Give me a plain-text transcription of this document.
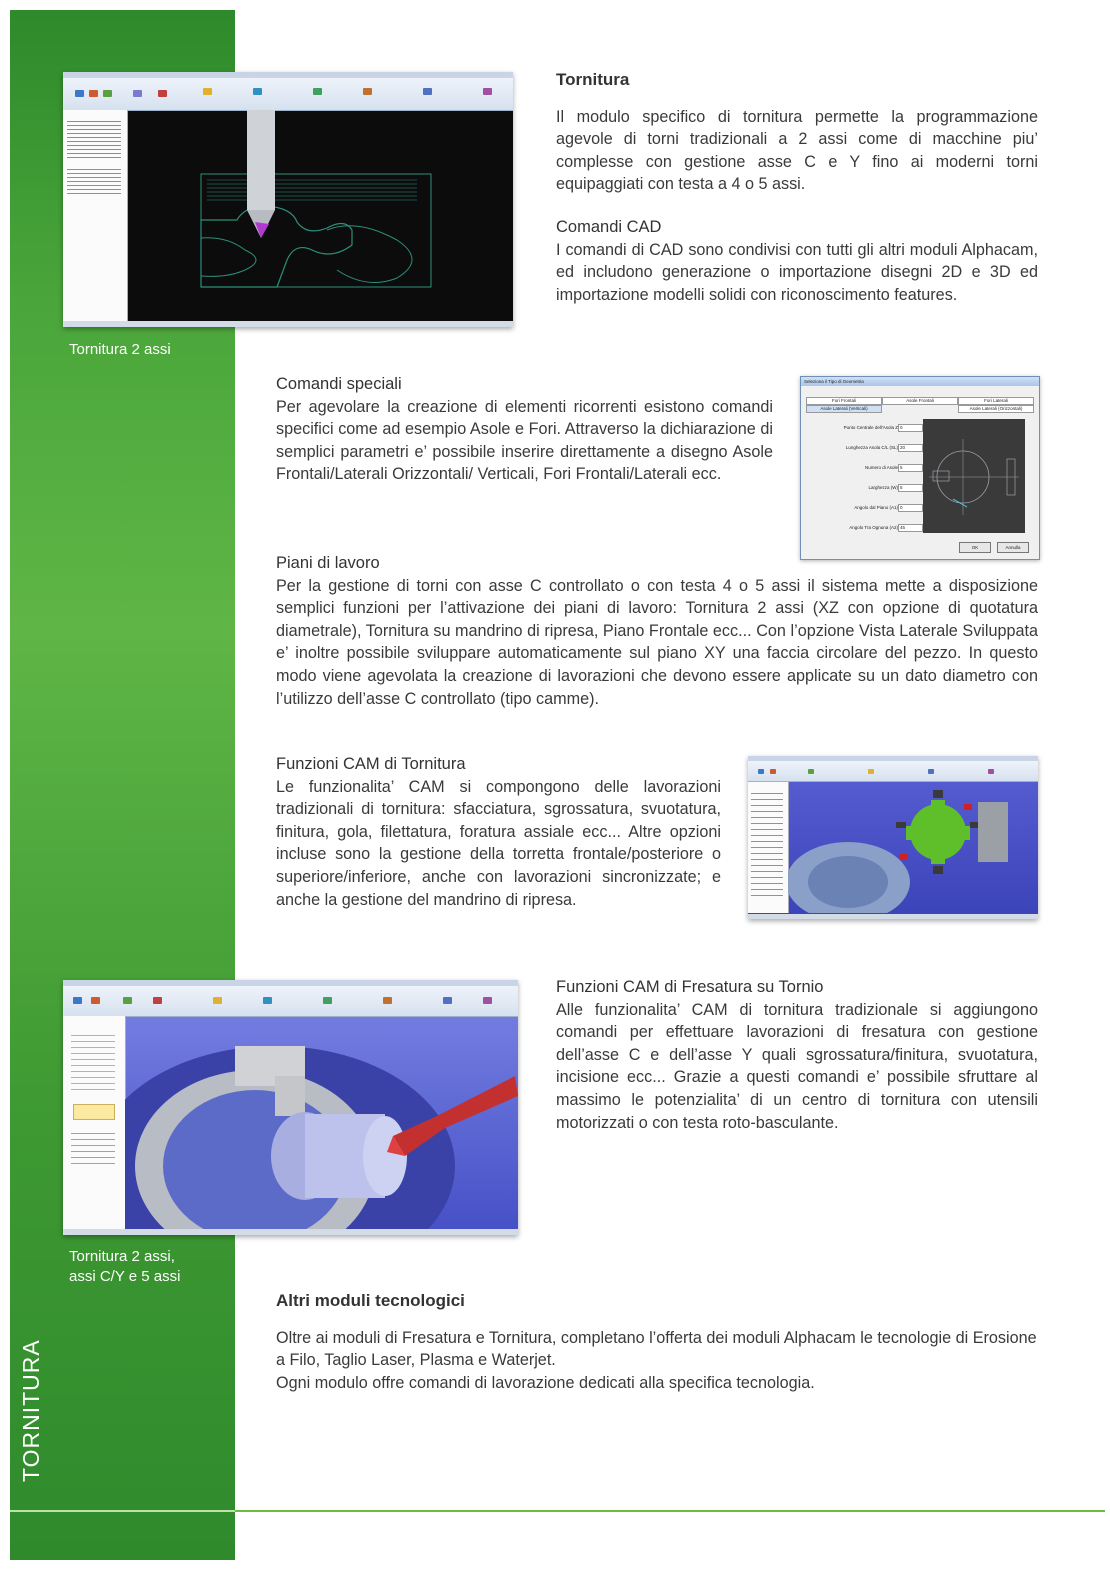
TORNITURA
Tornitura 2 assi
Tornitura 2 assi,
assi C/Y e 5 assi
Tornitura
Il modulo specifico di tornitura permette la programmazione agevole di torni tradizionali a 2 assi come di macchine piu’ complesse con gestione asse C e Y fino ai moderni torni equipaggiati con testa a 4 o 5 assi.
Comandi CAD
I comandi di CAD sono condivisi con tutti gli altri moduli Alphacam, ed includono generazione o importazione disegni 2D e 3D ed importazione modelli solidi con riconoscimento features.
Comandi speciali
Per agevolare la creazione di elementi ricorrenti esistono comandi specifici come ad esempio Asole e Fori. Attraverso la dichiarazione di semplici parametri e’ possibile inserire direttamente a disegno Asole Frontali/Laterali Orizzontali/ Verticali, Fori Frontali/Laterali ecc.
Seleziona il Tipo di Geometria
Fori Frontali	Asole Frontali	Fori Laterali
Asole Laterali (Verticali)	Asole Laterali (Orizzontali)
Punto Centrale dell'Asola Z 0
Lunghezza Asola C/L (SL) 20
Numero di Asole 5
Larghezza (W) 5
Angolo dal Piano (A1) 0
Angolo Tra Ognuna (A2) 45
OK	Annulla
Piani di lavoro
Per la gestione di torni con asse C controllato o con testa 4 o 5 assi il sistema mette a disposizione semplici funzioni per l’attivazione dei piani di lavoro: Tornitura 2 assi (XZ con opzione di quotatura diametrale), Tornitura su mandrino di ripresa, Piano Frontale ecc... Con l’opzione Vista Laterale Sviluppata e’ inoltre possibile sviluppare automaticamente sul piano XY una faccia circolare del pezzo. In questo modo viene agevolata la creazione di lavorazioni che devono essere applicate su un dato diametro con l’utilizzo dell’asse C controllato (tipo camme).
Funzioni CAM di Tornitura
Le funzionalita’ CAM si compongono delle lavorazioni tradizionali di tornitura: sfacciatura, sgrossatura, svuotatura, finitura, gola, filettatura, foratura assiale ecc... Altre opzioni incluse sono la gestione della torretta frontale/posteriore o superiore/inferiore, anche con lavorazioni sincronizzate; e anche la gestione del mandrino di ripresa.
Funzioni CAM di Fresatura su Tornio
Alle funzionalita’ CAM di tornitura tradizionale si aggiungono comandi per effettuare lavorazioni di fresatura con gestione dell’asse C e dell’asse Y quali sgrossatura/finitura, svuotatura, incisione ecc... Grazie a questi comandi e’ possibile sfruttare al massimo le potenzialita’ di un centro di tornitura con utensili motorizzati o con testa roto-basculante.
Altri moduli tecnologici
Oltre ai moduli di Fresatura e Tornitura, completano l’offerta dei moduli Alphacam le tecnologie di Erosione a Filo, Taglio Laser, Plasma e Waterjet.
Ogni modulo offre comandi di lavorazione dedicati alla specifica tecnologia.
